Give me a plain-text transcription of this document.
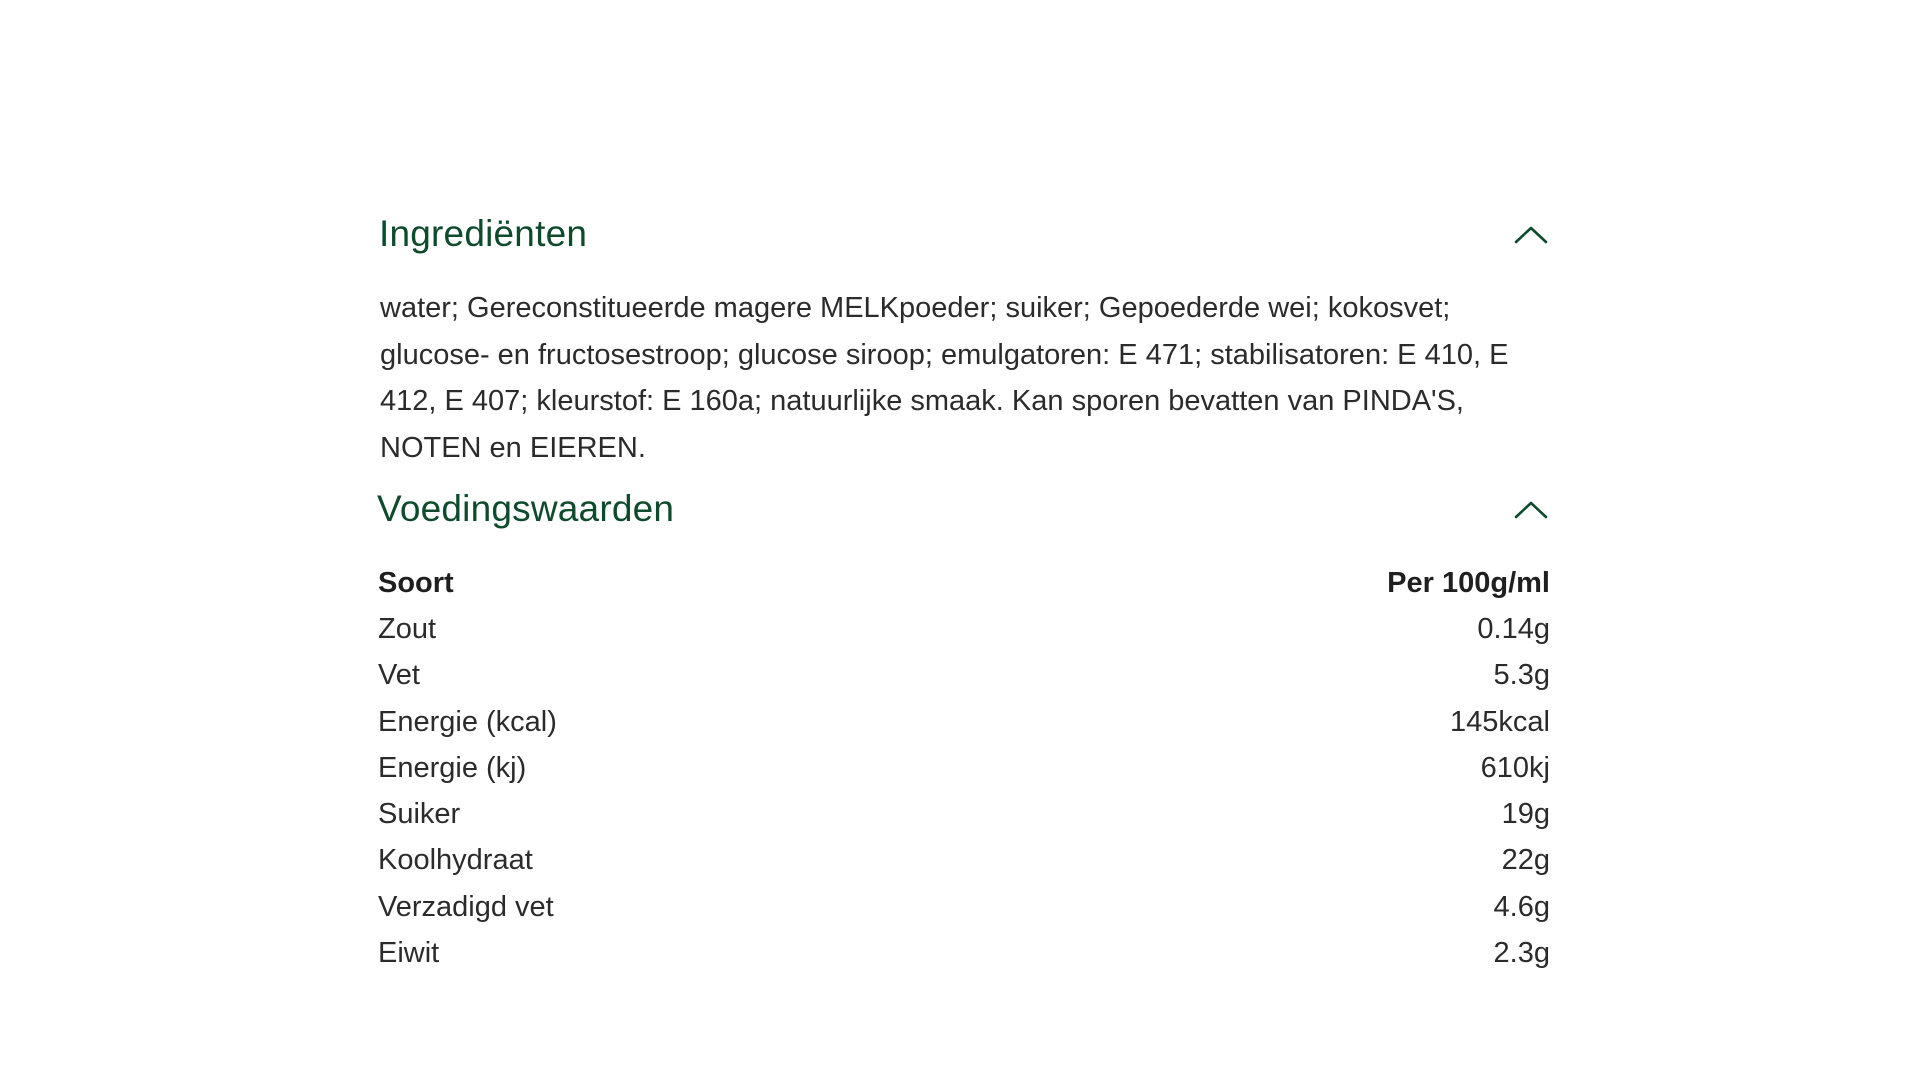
Ingrediënten
water; Gereconstitueerde magere MELKpoeder; suiker; Gepoederde wei; kokosvet; glucose- en fructosestroop; glucose siroop; emulgatoren: E 471; stabilisatoren: E 410, E 412, E 407; kleurstof: E 160a; natuurlijke smaak. Kan sporen bevatten van PINDA'S, NOTEN en EIEREN.
Voedingswaarden
Soort	Per 100g/ml
Zout	0.14g
Vet	5.3g
Energie (kcal)	145kcal
Energie (kj)	610kj
Suiker	19g
Koolhydraat	22g
Verzadigd vet	4.6g
Eiwit	2.3g
